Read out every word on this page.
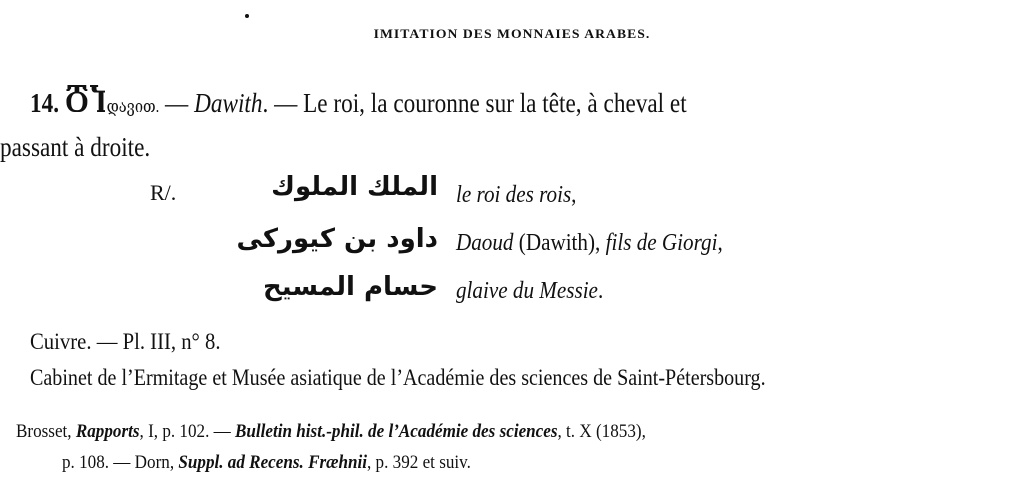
IMITATION DES MONNAIES ARABES.
14. ႣႨდავით. — Dawith. — Le roi, la couronne sur la tête, à cheval et
passant à droite.
R/.	الملك الملوك
داود بن كيورکی
حسام المسيح
le roi des rois,
Daoud (Dawith), fils de Giorgi,
glaive du Messie.
Cuivre. — Pl. III, n° 8.
Cabinet de l’Ermitage et Musée asiatique de l’Académie des sciences de Saint-Pétersbourg.
Brosset, Rapports, I, p. 102. — Bulletin hist.-phil. de l’Académie des sciences, t. X (1853),
p. 108. — Dorn, Suppl. ad Recens. Fræhnii, p. 392 et suiv.
